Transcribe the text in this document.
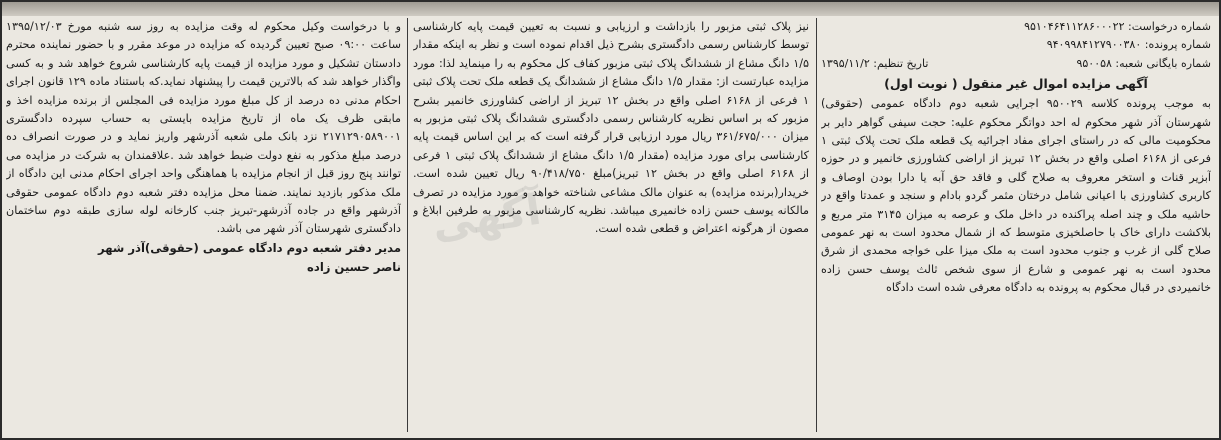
شماره درخواست: ۹۵۱۰۴۶۴۱۱۲۸۶۰۰۰۲۲
شماره پرونده: ۹۴۰۹۹۸۴۱۲۷۹۰۰۳۸۰
شماره بایگانی شعبه: ۹۵۰۰۵۸
تاریخ تنظیم: ۱۳۹۵/۱۱/۲
آگهی مزایده اموال غیر منقول ( نوبت اول)

به موجب پرونده کلاسه ۹۵۰۰۲۹ اجرایی شعبه دوم دادگاه عمومی (حقوقی) شهرستان آذر شهر محکوم له احد دواتگر محکوم علیه: حجت سیفی گواهر دایر بر محکومیت مالی که در راستای اجرای مفاد اجرائیه یک قطعه ملک تحت پلاک ثبتی ۱ فرعی از ۶۱۶۸ اصلی واقع در بخش ۱۲ تبریز از اراضی کشاورزی خانمیر و در حوزه آبزیر قنات و استخر معروف به صلاح گلی و فاقد حق آبه یا دارا بودن اوصاف و کاربری کشاورزی با اعیانی شامل درختان مثمر گردو بادام و سنجد و عمدتا واقع در حاشیه ملک و چند اصله پراکنده در داخل ملک و عرصه به میزان ۳۱۴۵ متر مربع و بلاکشت دارای خاک با حاصلخیزی متوسط که از شمال محدود است به نهر عمومی صلاح گلی از غرب و جنوب محدود است به ملک میزا علی خواجه محمدی از شرق محدود است به نهر عمومی و شارع از سوی شخص ثالث یوسف حسن زاده خانمیردی در قبال محکوم به پرونده به دادگاه معرفی شده است دادگاه

نیز پلاک ثبتی مزبور را بازداشت و ارزیابی و نسبت به تعیین قیمت پایه کارشناسی توسط کارشناس رسمی دادگستری بشرح ذیل اقدام نموده است و نظر به اینکه مقدار ۱/۵ دانگ مشاع از ششدانگ پلاک ثبتی مزبور کفاف کل محکوم به را مینماید لذا: مورد مزایده عبارتست از: مقدار ۱/۵ دانگ مشاع از ششدانگ یک قطعه ملک تحت پلاک ثبتی ۱ فرعی از ۶۱۶۸ اصلی واقع در بخش ۱۲ تبریز از اراضی کشاورزی خانمیر بشرح مزبور که بر اساس نظریه کارشناس رسمی دادگستری ششدانگ پلاک ثبتی مزبور به میزان ۳۶۱/۶۷۵/۰۰۰ ریال مورد ارزیابی قرار گرفته است که بر این اساس قیمت پایه کارشناسی برای مورد مزایده (مقدار ۱/۵ دانگ مشاع از ششدانگ پلاک ثبتی ۱ فرعی از ۶۱۶۸ اصلی واقع در بخش ۱۲ تبریز)مبلغ ۹۰/۴۱۸/۷۵۰ ریال تعیین شده است. خریدار(برنده مزایده) به عنوان مالک مشاعی شناخته خواهد و مورد مزایده در تصرف مالکانه یوسف حسن زاده خانمیری میباشد. نظریه کارشناسی مزبور به طرفین ابلاغ و مصون از هرگونه اعتراض و قطعی شده است.

و با درخواست وکیل محکوم له وقت مزایده به روز سه شنبه مورخ ۱۳۹۵/۱۲/۰۳ ساعت ۰۹:۰۰ صبح تعیین گردیده که مزایده در موعد مقرر و با حضور نماینده محترم دادستان تشکیل و مورد مزایده از قیمت پایه کارشناسی شروع خواهد شد و به کسی واگذار خواهد شد که بالاترین قیمت را پیشنهاد نماید.که باستناد ماده ۱۲۹ قانون اجرای احکام مدنی ده درصد از کل مبلغ مورد مزایده فی المجلس از برنده مزایده اخذ و مابقی ظرف یک ماه از تاریخ مزایده بایستی به حساب سپرده دادگستری ۲۱۷۱۲۹۰۵۸۹۰۰۱ نزد بانک ملی شعبه آذرشهر واریز نماید و در صورت انصراف ده درصد مبلغ مذکور به نفع دولت ضبط خواهد شد .علاقمندان به شرکت در مزایده می توانند پنج روز قبل از انجام مزایده با هماهنگی واحد اجرای احکام مدنی این دادگاه از ملک مذکور بازدید نمایند. ضمنا محل مزایده دفتر شعبه دوم دادگاه عمومی حقوقی آذرشهر واقع در جاده آذرشهر-تبریز جنب کارخانه لوله سازی طبقه دوم ساختمان دادگستری شهرستان آذر شهر می باشد.

مدیر دفتر شعبه دوم دادگاه عمومی (حقوقی)آذر شهر
ناصر حسین زاده
آگهی
